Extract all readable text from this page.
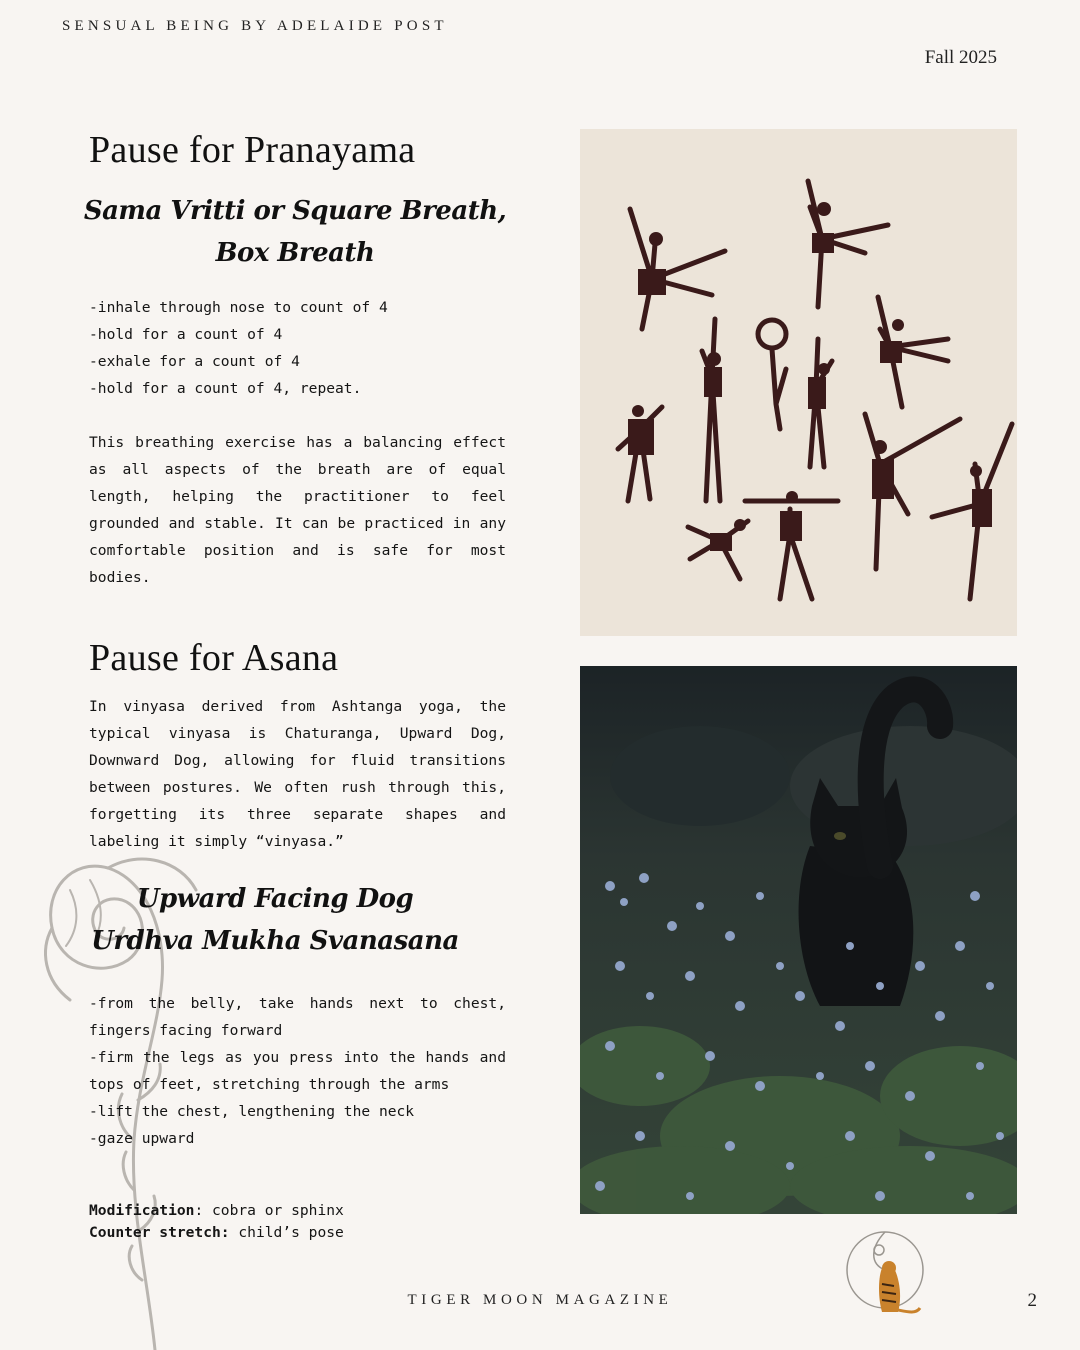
SENSUAL BEING BY ADELAIDE POST
Fall 2025
Pause for Pranayama
Sama Vritti or Square Breath,
Box Breath
-inhale through nose to count of 4
-hold for a count of 4
-exhale for a count of 4
-hold for a count of 4, repeat.

This breathing exercise has a balancing effect as all aspects of the breath are of equal length, helping the practitioner to feel grounded and stable. It can be practiced in any comfortable position and is safe for most bodies.

Pause for Asana

In vinyasa derived from Ashtanga yoga, the typical vinyasa is Chaturanga, Upward Dog, Downward Dog, allowing for fluid transitions between postures. We often rush through this, forgetting its three separate shapes and labeling it simply “vinyasa.”

Upward Facing Dog
Urdhva Mukha Svanasana
-from the belly, take hands next to chest, fingers facing forward
-firm the legs as you press into the hands and tops of feet, stretching through the arms
-lift the chest, lengthening the neck
-gaze upward
Modification: cobra or sphinx
Counter stretch: child’s pose
TIGER MOON MAGAZINE	2
